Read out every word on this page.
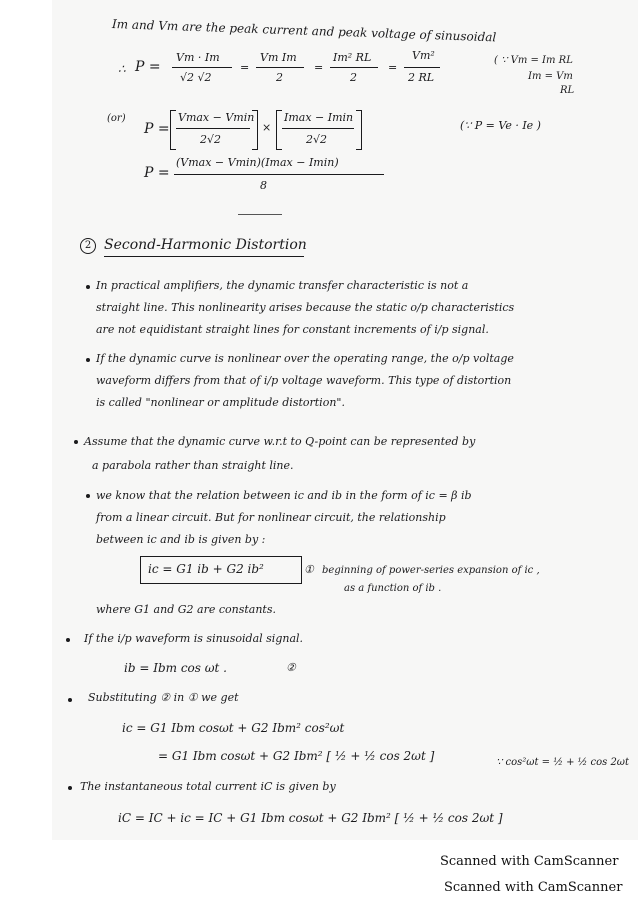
Im and Vm are the peak current and peak voltage of sinusoidal
∴ P =
Vm · Im
√2 √2
=
Vm Im
2
=
Im² RL
2
=
Vm²
2 RL
( ∵ Vm = Im RL
Im = Vm
RL
(or)
P =
Vmax − Vmin
2√2
×
Imax − Imin
2√2
(∵ P = Ve · Ie )
P =
(Vmax − Vmin)(Imax − Imin)
8
2 Second-Harmonic Distortion
In practical amplifiers, the dynamic transfer characteristic is not a
straight line. This nonlinearity arises because the static o/p characteristics
are not equidistant straight lines for constant increments of i/p signal.
If the dynamic curve is nonlinear over the operating range, the o/p voltage
waveform differs from that of i/p voltage waveform. This type of distortion
is called "nonlinear or amplitude distortion".
Assume that the dynamic curve w.r.t to Q-point can be represented by
a parabola rather than straight line.
we know that the relation between ic and ib in the form of ic = β ib
from a linear circuit. But for nonlinear circuit, the relationship
between ic and ib is given by :
ic = G1 ib + G2 ib²	① beginning of power-series expansion of ic ,
as a function of ib .
where G1 and G2 are constants.
If the i/p waveform is sinusoidal signal.
ib = Ibm cos ωt .	②
Substituting ② in ① we get
ic = G1 Ibm cosωt + G2 Ibm² cos²ωt
= G1 Ibm cosωt + G2 Ibm² [ ½ + ½ cos 2ωt ]	∵ cos²ωt = ½ + ½ cos 2ωt
The instantaneous total current iC is given by
iC = IC + ic = IC + G1 Ibm cosωt + G2 Ibm² [ ½ + ½ cos 2ωt ]
Scanned with CamScanner
Scanned with CamScanner
